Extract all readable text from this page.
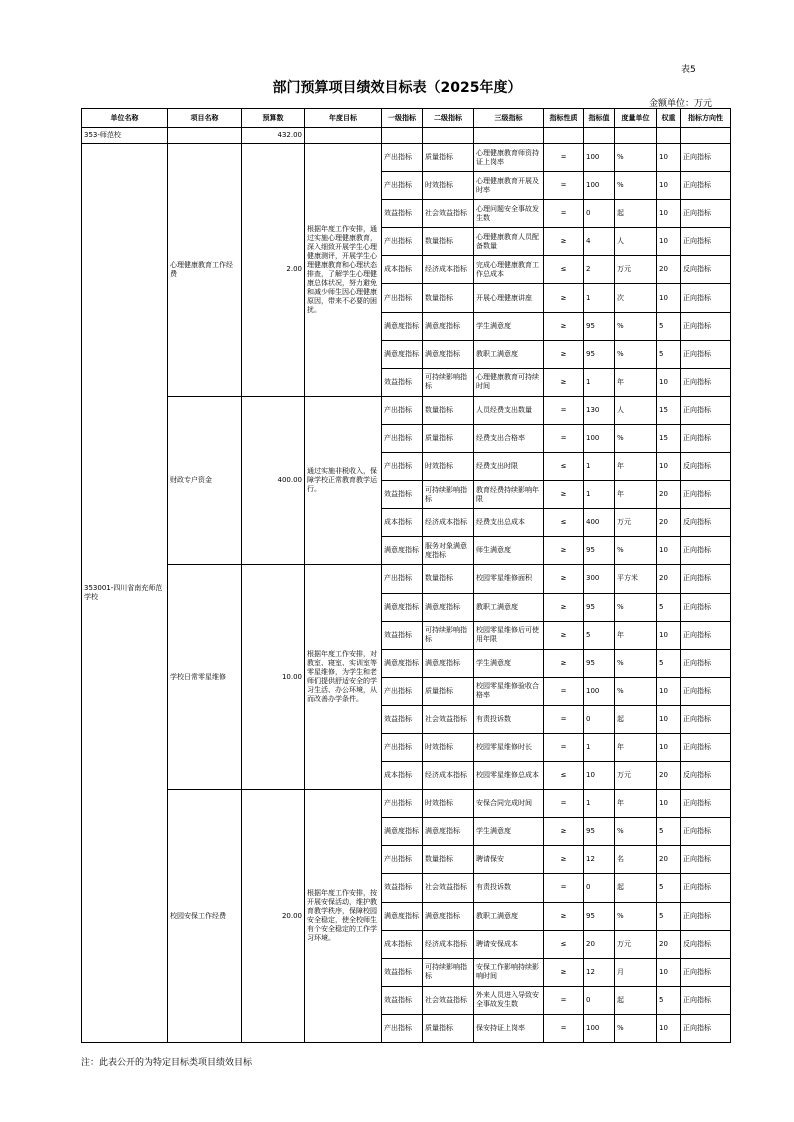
表5
部门预算项目绩效目标表（2025年度）
金额单位：万元
单位名称	项目名称	预算数	年度目标	一级指标	二级指标	三级指标	指标性质	指标值	度量单位	权重	指标方向性
353-师范校		432.00									
353001-四川省南充师范学校	心理健康教育工作经费	2.00	根据年度工作安排，通过实施心理健康教育，深入细致开展学生心理健康测评，开展学生心理健康教育和心理状态排查，了解学生心理健康总体状况，努力避免和减少师生因心理健康原因，带来不必要的困扰。	产出指标	质量指标	心理健康教育师资持证上岗率	=	100	%	10	正向指标
				产出指标	时效指标	心理健康教育开展及时率	=	100	%	10	正向指标
				效益指标	社会效益指标	心理问题安全事故发生数	=	0	起	10	正向指标
				产出指标	数量指标	心理健康教育人员配备数量	≥	4	人	10	正向指标
				成本指标	经济成本指标	完成心理健康教育工作总成本	≤	2	万元	20	反向指标
				产出指标	数量指标	开展心理健康讲座	≥	1	次	10	正向指标
				满意度指标	满意度指标	学生满意度	≥	95	%	5	正向指标
				满意度指标	满意度指标	教职工满意度	≥	95	%	5	正向指标
				效益指标	可持续影响指标	心理健康教育可持续时间	≥	1	年	10	正向指标
	财政专户资金	400.00	通过实施非税收入，保障学校正常教育教学运行。	产出指标	数量指标	人员经费支出数量	=	130	人	15	正向指标
				产出指标	质量指标	经费支出合格率	=	100	%	15	正向指标
				产出指标	时效指标	经费支出时限	≤	1	年	10	反向指标
				效益指标	可持续影响指标	教育经费持续影响年限	≥	1	年	20	正向指标
				成本指标	经济成本指标	经费支出总成本	≤	400	万元	20	反向指标
				满意度指标	服务对象满意度指标	师生满意度	≥	95	%	10	正向指标
	学校日常零星维修	10.00	根据年度工作安排，对教室、寝室、实训室等零星维修，为学生和老师们提供舒适安全的学习生活、办公环境，从而改善办学条件。	产出指标	数量指标	校园零星维修面积	≥	300	平方米	20	正向指标
				满意度指标	满意度指标	教职工满意度	≥	95	%	5	正向指标
				效益指标	可持续影响指标	校园零星维修后可使用年限	≥	5	年	10	正向指标
				满意度指标	满意度指标	学生满意度	≥	95	%	5	正向指标
				产出指标	质量指标	校园零星维修验收合格率	=	100	%	10	正向指标
				效益指标	社会效益指标	有责投诉数	=	0	起	10	正向指标
				产出指标	时效指标	校园零星维修时长	=	1	年	10	正向指标
				成本指标	经济成本指标	校园零星维修总成本	≤	10	万元	20	反向指标
	校园安保工作经费	20.00	根据年度工作安排，按开展安保活动，维护教育教学秩序，保障校园安全稳定，使全校师生有个安全稳定的工作学习环境。	产出指标	时效指标	安保合同完成时间	=	1	年	10	正向指标
				满意度指标	满意度指标	学生满意度	≥	95	%	5	正向指标
				产出指标	数量指标	聘请保安	≥	12	名	20	正向指标
				效益指标	社会效益指标	有责投诉数	=	0	起	5	正向指标
				满意度指标	满意度指标	教职工满意度	≥	95	%	5	正向指标
				成本指标	经济成本指标	聘请安保成本	≤	20	万元	20	反向指标
				效益指标	可持续影响指标	安保工作影响持续影响时间	≥	12	月	10	正向指标
				效益指标	社会效益指标	外来人员进入导致安全事故发生数	=	0	起	5	正向指标
				产出指标	质量指标	保安持证上岗率	=	100	%	10	正向指标
注：此表公开的为特定目标类项目绩效目标
